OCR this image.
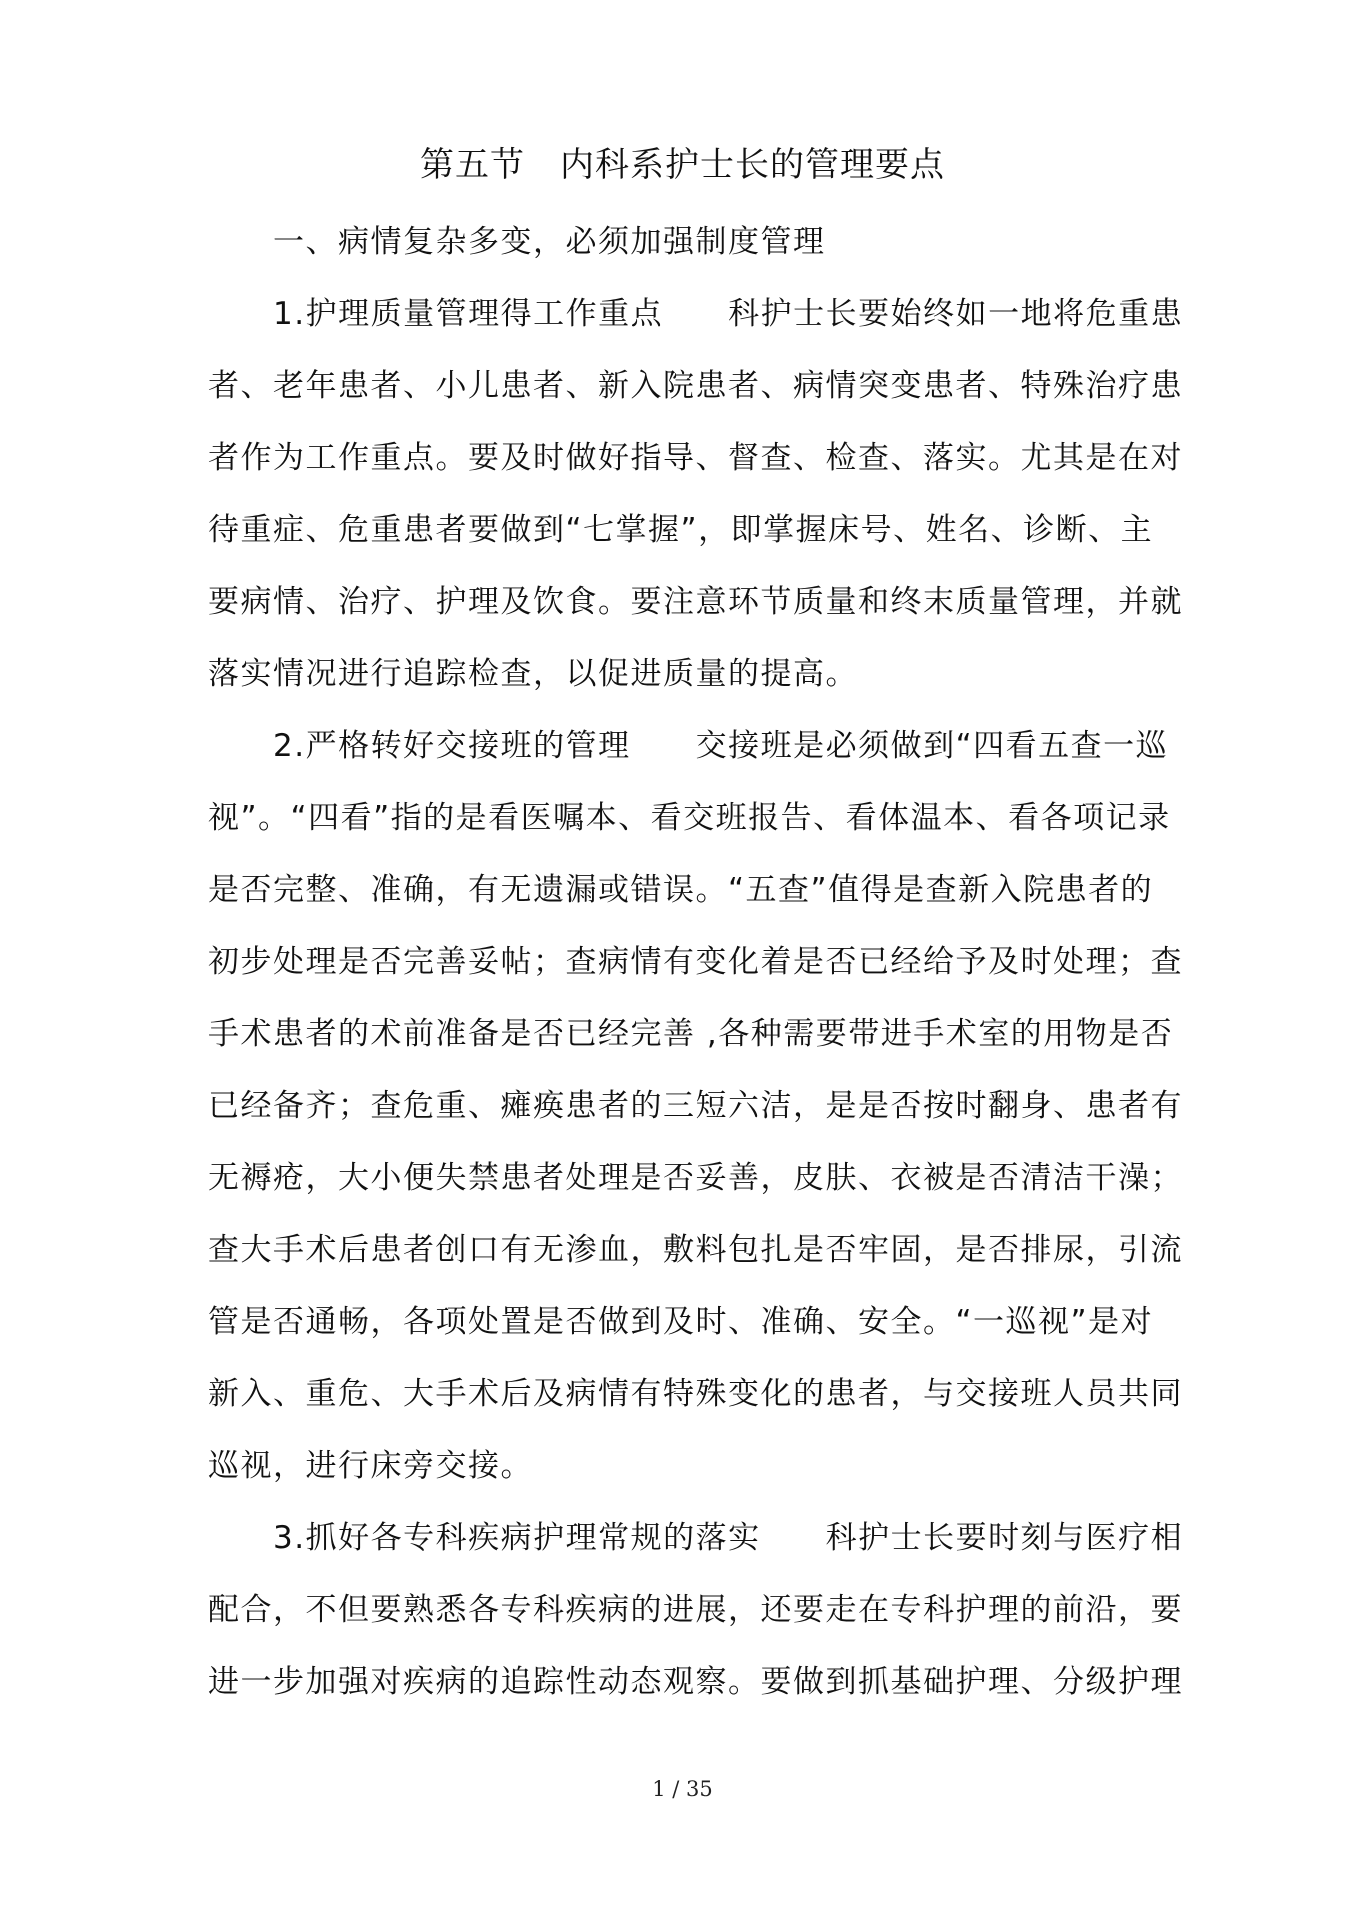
第五节　内科系护士长的管理要点
　　一、病情复杂多变，必须加强制度管理
　　1.护理质量管理得工作重点　　科护士长要始终如一地将危重患
者、老年患者、小儿患者、新入院患者、病情突变患者、特殊治疗患
者作为工作重点。要及时做好指导、督查、检查、落实。尤其是在对
待重症、危重患者要做到“七掌握”，即掌握床号、姓名、诊断、主
要病情、治疗、护理及饮食。要注意环节质量和终末质量管理，并就
落实情况进行追踪检查，以促进质量的提高。
　　2.严格转好交接班的管理　　交接班是必须做到“四看五查一巡
视”。“四看”指的是看医嘱本、看交班报告、看体温本、看各项记录
是否完整、准确，有无遗漏或错误。“五查”值得是查新入院患者的
初步处理是否完善妥帖；查病情有变化着是否已经给予及时处理；查
手术患者的术前准备是否已经完善 ,各种需要带进手术室的用物是否
已经备齐；查危重、瘫痪患者的三短六洁，是是否按时翻身、患者有
无褥疮，大小便失禁患者处理是否妥善，皮肤、衣被是否清洁干澡；
查大手术后患者创口有无渗血，敷料包扎是否牢固，是否排尿，引流
管是否通畅，各项处置是否做到及时、准确、安全。“一巡视”是对
新入、重危、大手术后及病情有特殊变化的患者，与交接班人员共同
巡视，进行床旁交接。
　　3.抓好各专科疾病护理常规的落实　　科护士长要时刻与医疗相
配合，不但要熟悉各专科疾病的进展，还要走在专科护理的前沿，要
进一步加强对疾病的追踪性动态观察。要做到抓基础护理、分级护理
1 / 35
